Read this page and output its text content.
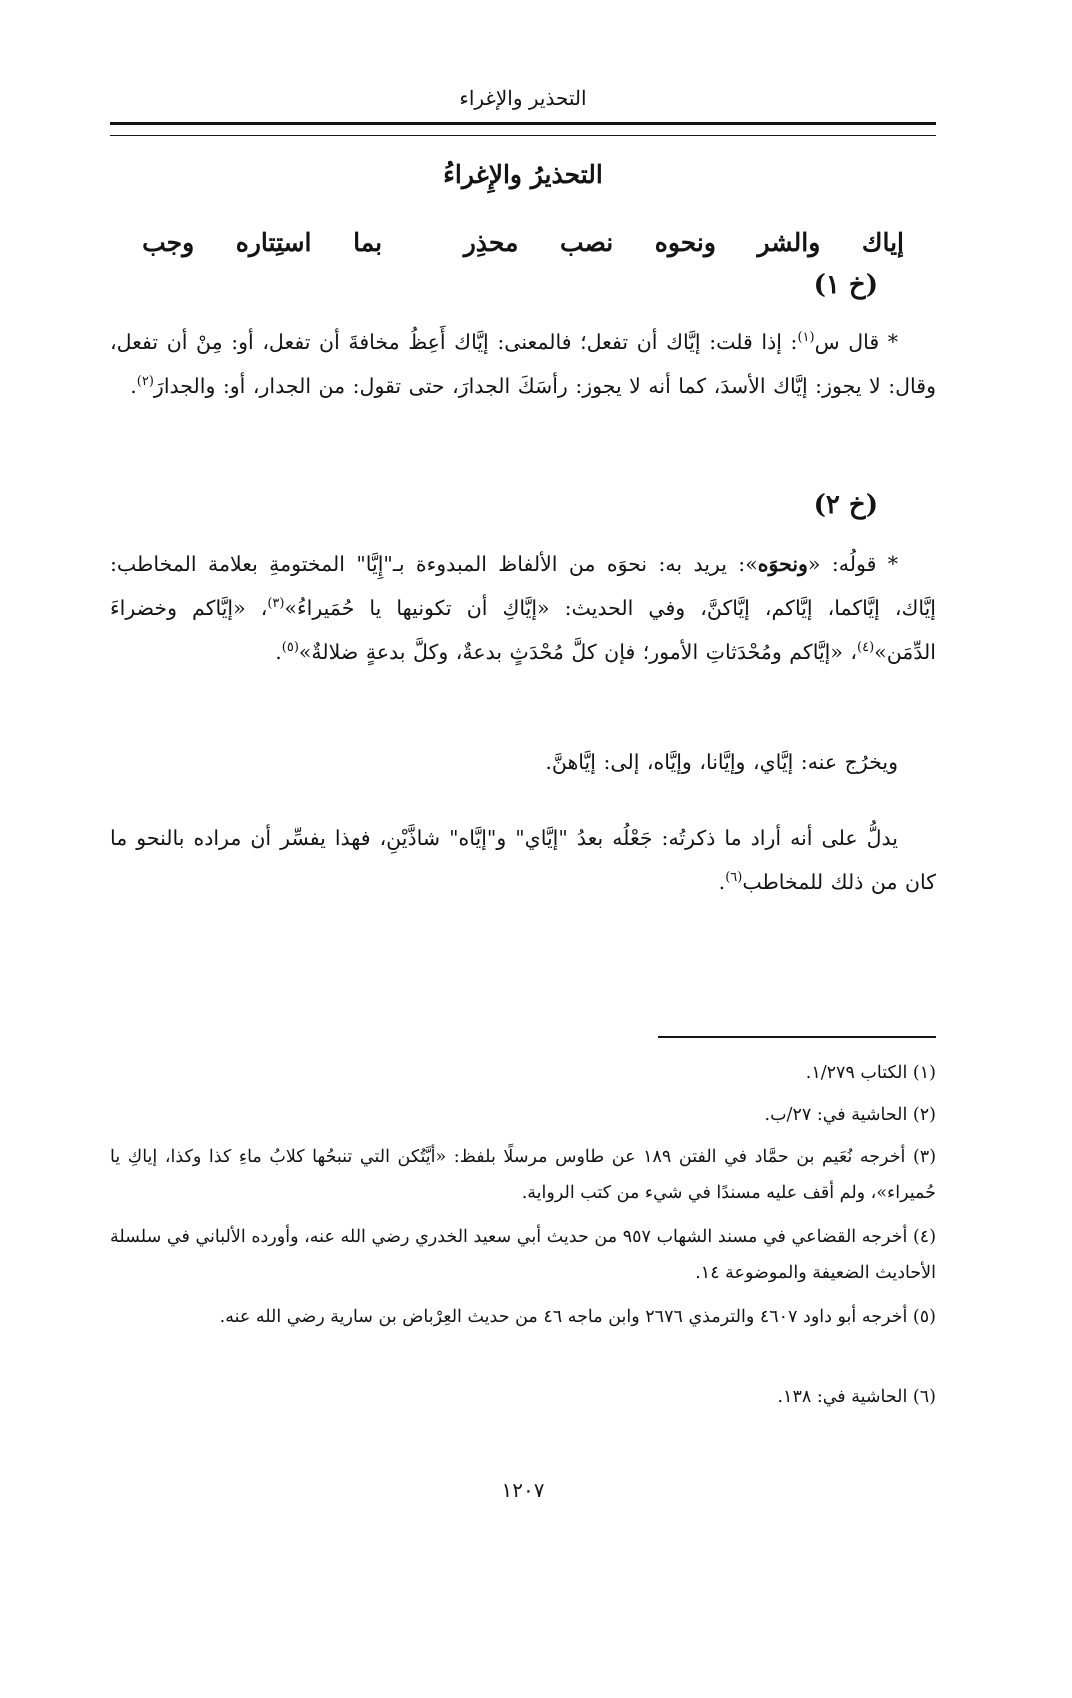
التحذير والإغراء
التحذيرُ والإِغراءُ
إياك
والشر
ونحوه
نصب
محذِر
بما
استِتاره
وجب
(خ ١)
* قال س$^{(١)}$: إذا قلت: إيَّاك أن تفعل؛ فالمعنى: إيَّاك أَعِظُ مخافةَ أن تفعل، أو: مِنْ أن تفعل، وقال: لا يجوز: إيَّاك الأسدَ، كما أنه لا يجوز: رأسَكَ الجدارَ، حتى تقول: من الجدار، أو: والجدارَ$^{(٢)}$.
(خ ٢)
* قولُه: «ونحوَه»: يريد به: نحوَه من الألفاظ المبدوءة بـ"إِيَّا" المختومةِ بعلامة المخاطب: إيَّاك، إيَّاكما، إيَّاكم، إيَّاكنَّ، وفي الحديث: «إيَّاكِ أن تكونيها يا حُمَيراءُ»$^{(٣)}$، «إيَّاكم وخضراءَ الدِّمَن»$^{(٤)}$، «إيَّاكم ومُحْدَثاتِ الأمور؛ فإن كلَّ مُحْدَثٍ بدعةٌ، وكلَّ بدعةٍ ضلالةٌ»$^{(٥)}$.
ويخرُج عنه: إيَّاي، وإيَّانا، وإيَّاه، إلى: إيَّاهنَّ.
يدلُّ على أنه أراد ما ذكرتُه: جَعْلُه بعدُ "إيَّاي" و"إيَّاه" شاذَّيْنِ، فهذا يفسِّر أن مراده بالنحو ما كان من ذلك للمخاطب$^{(٦)}$.
(١) الكتاب ١/٢٧٩.
(٢) الحاشية في: ٢٧/ب.
(٣) أخرجه نُعَيم بن حمَّاد في الفتن ١٨٩ عن طاوس مرسلًا بلفظ: «أيَّتُكن التي تنبحُها كلابُ ماءِ كذا وكذا، إياكِ يا حُميراء»، ولم أقف عليه مسندًا في شيء من كتب الرواية.
(٤) أخرجه القضاعي في مسند الشهاب ٩٥٧ من حديث أبي سعيد الخدري رضي الله عنه، وأورده الألباني في سلسلة الأحاديث الضعيفة والموضوعة ١٤.
(٥) أخرجه أبو داود ٤٦٠٧ والترمذي ٢٦٧٦ وابن ماجه ٤٦ من حديث العِرْباض بن سارية رضي الله عنه.
(٦) الحاشية في: ١٣٨.
١٢٠٧
